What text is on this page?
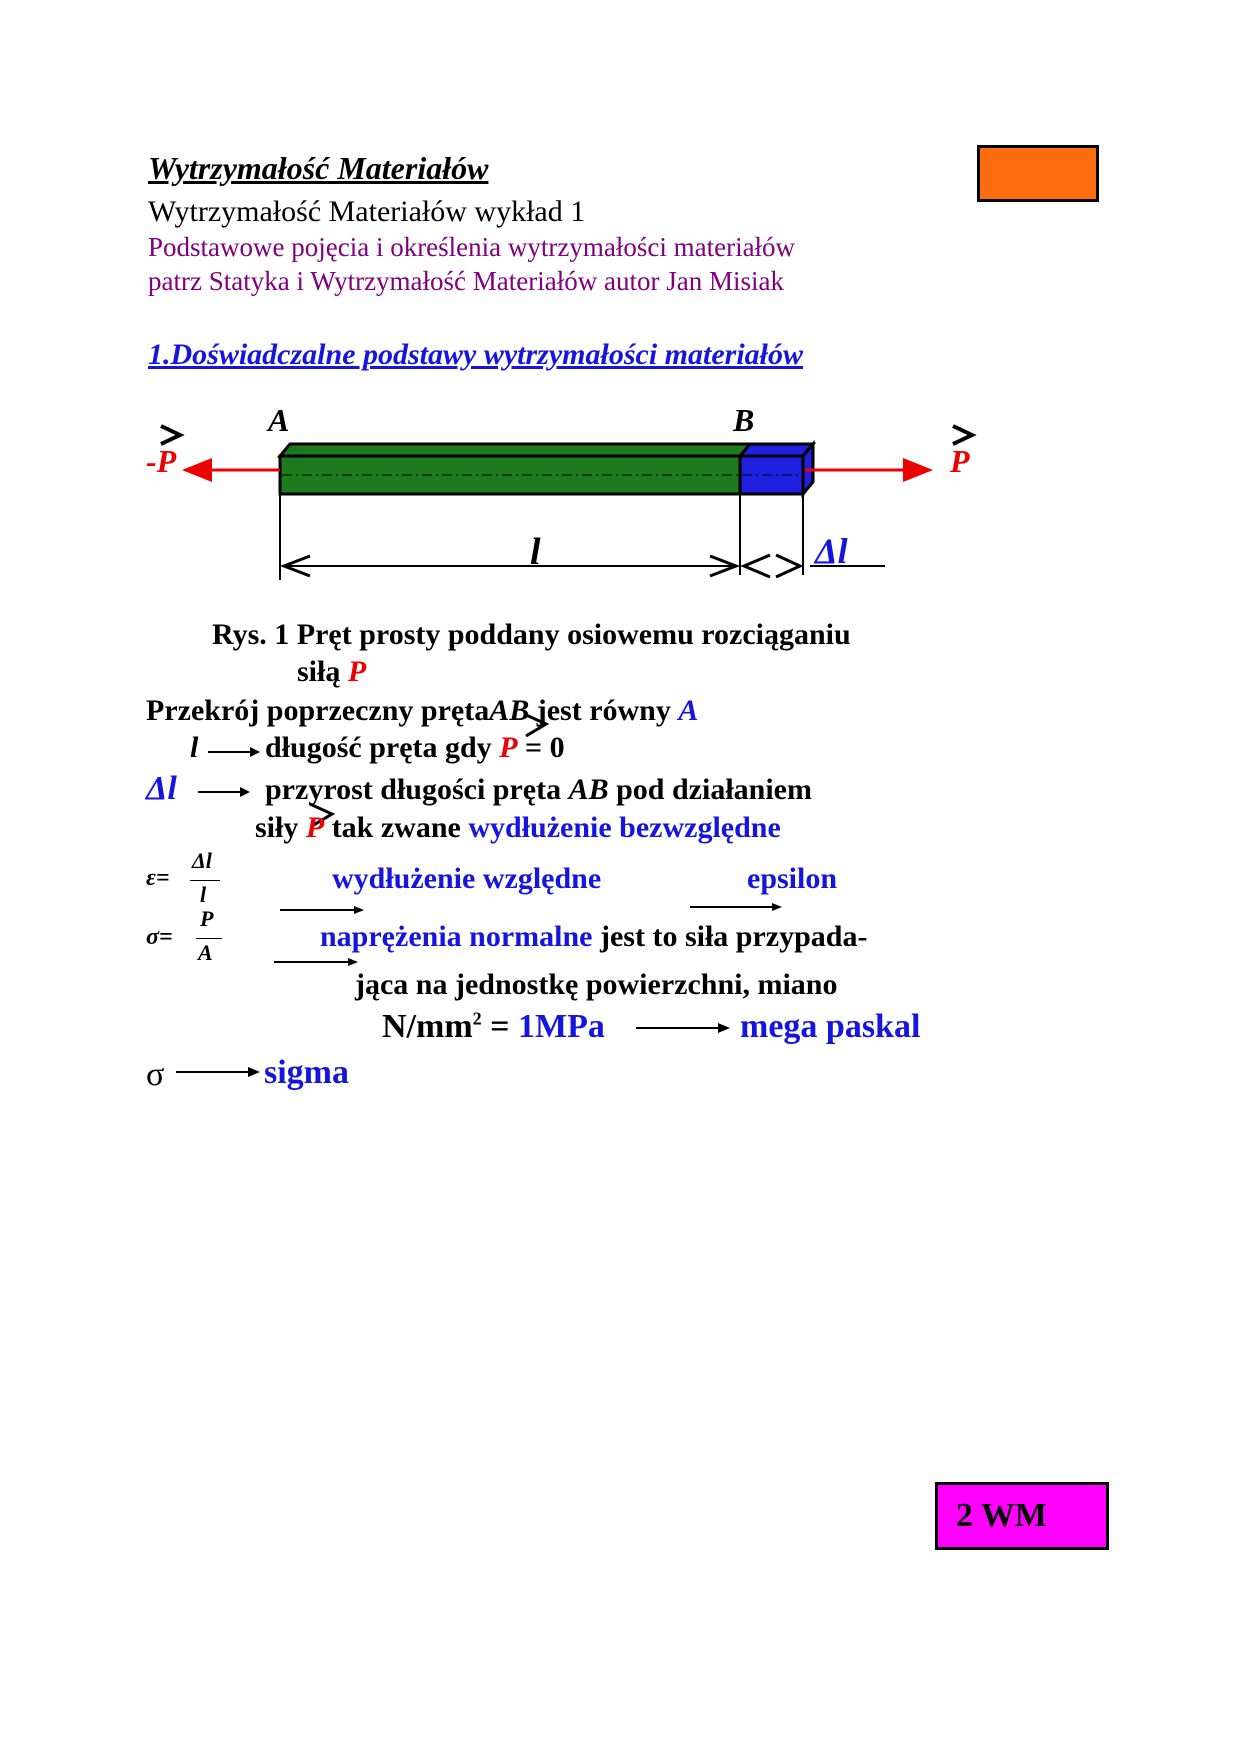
Wytrzymałość Materiałów
Wytrzymałość Materiałów wykład 1
Podstawowe pojęcia i określenia wytrzymałości materiałów
patrz Statyka i Wytrzymałość Materiałów autor Jan Misiak
1.Doświadczalne podstawy wytrzymałości materiałów
A	B
-P	P
l	Δl
Rys. 1 Pręt prosty poddany osiowemu rozciąganiu
siłą P
Przekrój poprzeczny prętaAB jest równy A
l długość pręta gdy P = 0
Δl	przyrost długości pręta AB pod działaniem
siły P tak zwane wydłużenie bezwzględne
ε=
Δl
l	wydłużenie względne	epsilon
σ=
P
A	naprężenia normalne jest to siła przypada-
jąca na jednostkę powierzchni, miano
$N/mm^2 = 1MPa$	mega paskal
σ	sigma
2 WM
